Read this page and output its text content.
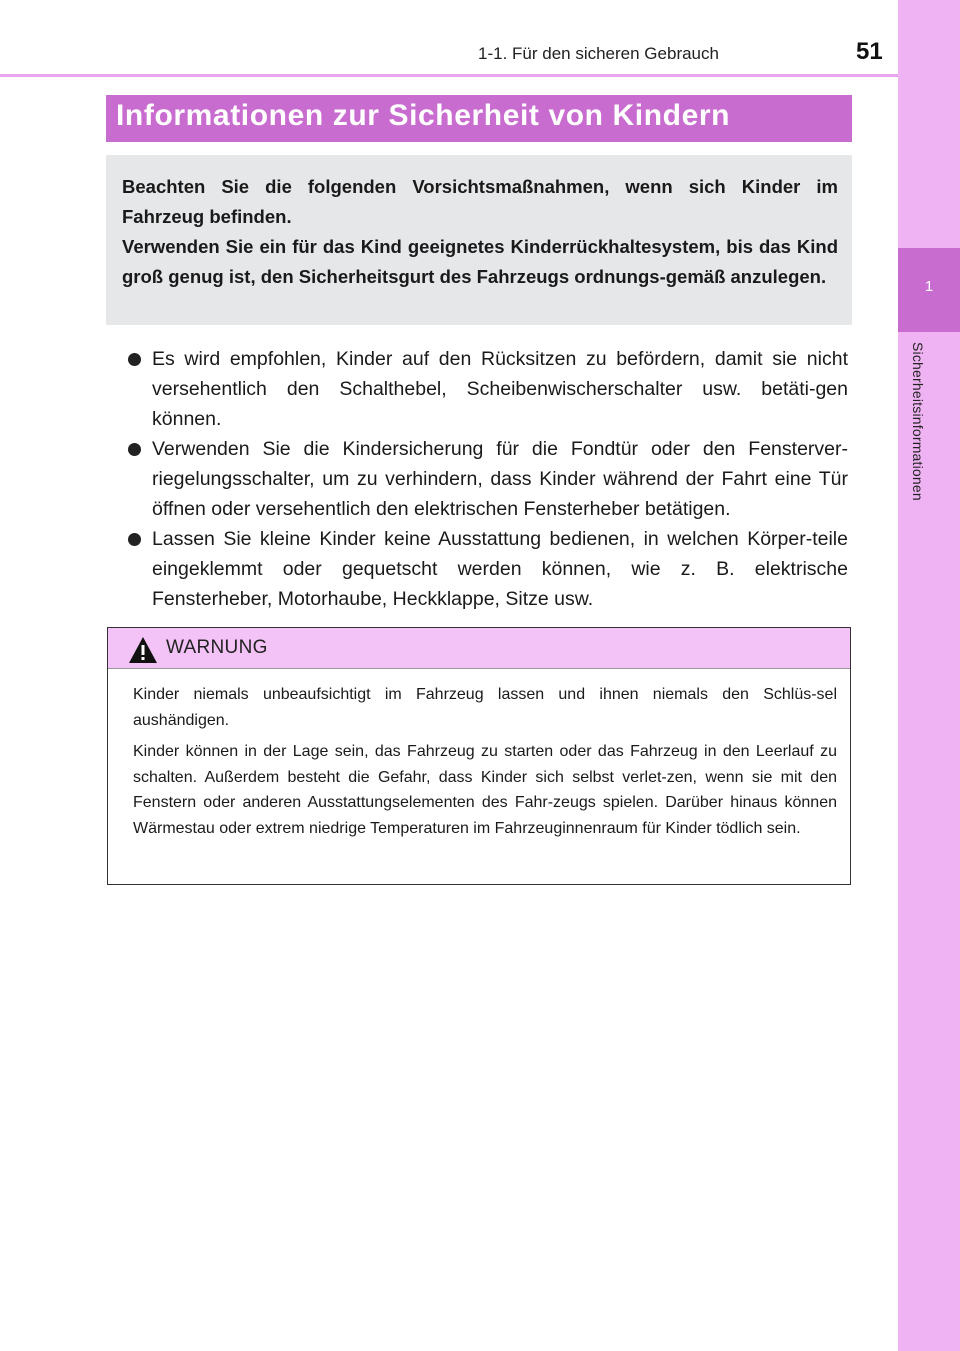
1-1. Für den sicheren Gebrauch	51
1
Sicherheitsinformationen
Informationen zur Sicherheit von Kindern

Beachten Sie die folgenden Vorsichtsmaßnahmen, wenn sich Kinder im Fahrzeug befinden.

Verwenden Sie ein für das Kind geeignetes Kinderrückhaltesystem, bis das Kind groß genug ist, den Sicherheitsgurt des Fahrzeugs ordnungs-gemäß anzulegen.

Es wird empfohlen, Kinder auf den Rücksitzen zu befördern, damit sie nicht versehentlich den Schalthebel, Scheibenwischerschalter usw. betäti-gen können.
Verwenden Sie die Kindersicherung für die Fondtür oder den Fensterver-riegelungsschalter, um zu verhindern, dass Kinder während der Fahrt eine Tür öffnen oder versehentlich den elektrischen Fensterheber betätigen.
Lassen Sie kleine Kinder keine Ausstattung bedienen, in welchen Körper-teile eingeklemmt oder gequetscht werden können, wie z. B. elektrische Fensterheber, Motorhaube, Heckklappe, Sitze usw.
WARNUNG

Kinder niemals unbeaufsichtigt im Fahrzeug lassen und ihnen niemals den Schlüs-sel aushändigen.

Kinder können in der Lage sein, das Fahrzeug zu starten oder das Fahrzeug in den Leerlauf zu schalten. Außerdem besteht die Gefahr, dass Kinder sich selbst verlet-zen, wenn sie mit den Fenstern oder anderen Ausstattungselementen des Fahr-zeugs spielen. Darüber hinaus können Wärmestau oder extrem niedrige Temperaturen im Fahrzeuginnenraum für Kinder tödlich sein.
